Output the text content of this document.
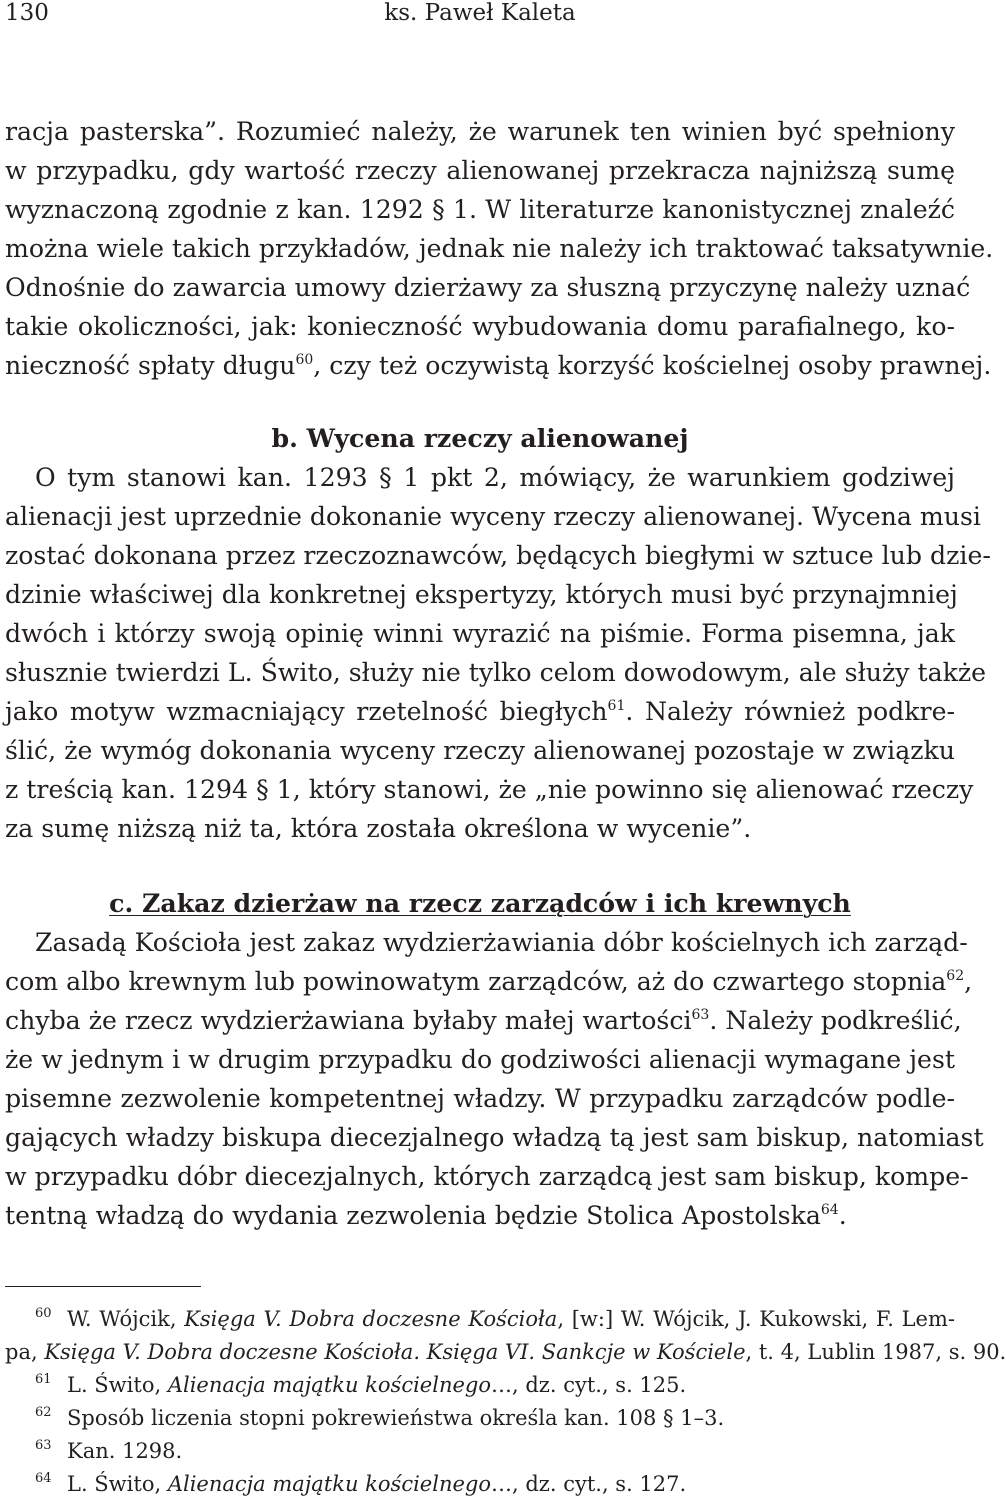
130	ks. Paweł Kaleta
racja pasterska”. Rozumieć należy, że warunek ten winien być spełniony
w przypadku, gdy wartość rzeczy alienowanej przekracza najniższą sumę
wyznaczoną zgodnie z kan. 1292 § 1. W literaturze kanonistycznej znaleźć
można wiele takich przykładów, jednak nie należy ich traktować taksatywnie.
Odnośnie do zawarcia umowy dzierżawy za słuszną przyczynę należy uznać
takie okoliczności, jak: konieczność wybudowania domu parafialnego, ko-
nieczność spłaty długu$^{60}$, czy też oczywistą korzyść kościelnej osoby prawnej.
b. Wycena rzeczy alienowanej
O tym stanowi kan. 1293 § 1 pkt 2, mówiący, że warunkiem godziwej
alienacji jest uprzednie dokonanie wyceny rzeczy alienowanej. Wycena musi
zostać dokonana przez rzeczoznawców, będących biegłymi w sztuce lub dzie-
dzinie właściwej dla konkretnej ekspertyzy, których musi być przynajmniej
dwóch i którzy swoją opinię winni wyrazić na piśmie. Forma pisemna, jak
słusznie twierdzi L. Świto, służy nie tylko celom dowodowym, ale służy także
jako motyw wzmacniający rzetelność biegłych$^{61}$. Należy również podkre-
ślić, że wymóg dokonania wyceny rzeczy alienowanej pozostaje w związku
z treścią kan. 1294 § 1, który stanowi, że „nie powinno się alienować rzeczy
za sumę niższą niż ta, która została określona w wycenie”.
c. Zakaz dzierżaw na rzecz zarządców i ich krewnych
Zasadą Kościoła jest zakaz wydzierżawiania dóbr kościelnych ich zarząd-
com albo krewnym lub powinowatym zarządców, aż do czwartego stopnia$^{62}$,
chyba że rzecz wydzierżawiana byłaby małej wartości$^{63}$. Należy podkreślić,
że w jednym i w drugim przypadku do godziwości alienacji wymagane jest
pisemne zezwolenie kompetentnej władzy. W przypadku zarządców podle-
gających władzy biskupa diecezjalnego władzą tą jest sam biskup, natomiast
w przypadku dóbr diecezjalnych, których zarządcą jest sam biskup, kompe-
tentną władzą do wydania zezwolenia będzie Stolica Apostolska$^{64}$.
60 W. Wójcik, Księga V. Dobra doczesne Kościoła, [w:] W. Wójcik, J. Kukowski, F. Lem-
pa, Księga V. Dobra doczesne Kościoła. Księga VI. Sankcje w Kościele, t. 4, Lublin 1987, s. 90.
61 L. Świto, Alienacja majątku kościelnego…, dz. cyt., s. 125.
62 Sposób liczenia stopni pokrewieństwa określa kan. 108 § 1–3.
63 Kan. 1298.
64 L. Świto, Alienacja majątku kościelnego…, dz. cyt., s. 127.
